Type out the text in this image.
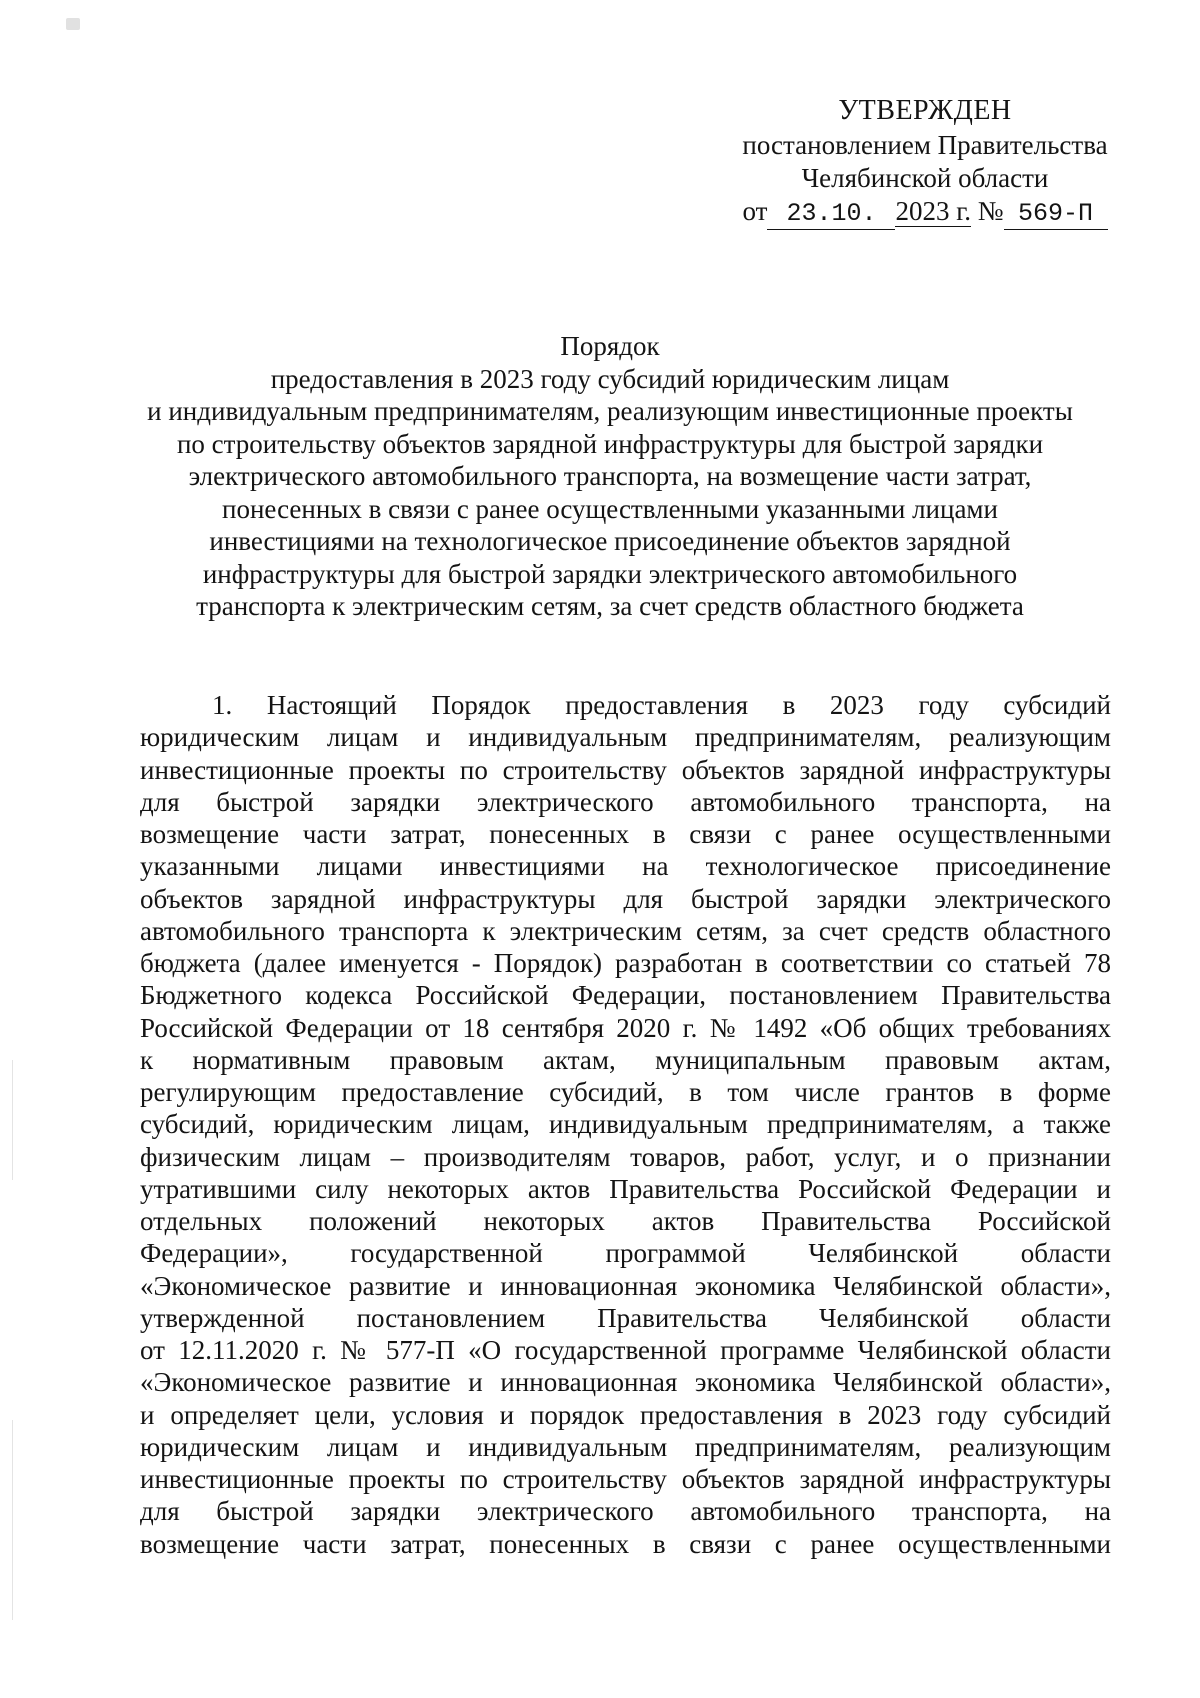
УТВЕРЖДЕН
постановлением Правительства
Челябинской области
от 23.10. 2023 г. № 569-П
Порядок
предоставления в 2023 году субсидий юридическим лицам
и индивидуальным предпринимателям, реализующим инвестиционные проекты
по строительству объектов зарядной инфраструктуры для быстрой зарядки
электрического автомобильного транспорта, на возмещение части затрат,
понесенных в связи с ранее осуществленными указанными лицами
инвестициями на технологическое присоединение объектов зарядной
инфраструктуры для быстрой зарядки электрического автомобильного
транспорта к электрическим сетям, за счет средств областного бюджета
1. Настоящий Порядок предоставления в 2023 году субсидий
юридическим лицам и индивидуальным предпринимателям, реализующим
инвестиционные проекты по строительству объектов зарядной инфраструктуры
для быстрой зарядки электрического автомобильного транспорта, на
возмещение части затрат, понесенных в связи с ранее осуществленными
указанными лицами инвестициями на технологическое присоединение
объектов зарядной инфраструктуры для быстрой зарядки электрического
автомобильного транспорта к электрическим сетям, за счет средств областного
бюджета (далее именуется - Порядок) разработан в соответствии со статьей 78
Бюджетного кодекса Российской Федерации, постановлением Правительства
Российской Федерации от 18 сентября 2020 г. № 1492 «Об общих требованиях
к нормативным правовым актам, муниципальным правовым актам,
регулирующим предоставление субсидий, в том числе грантов в форме
субсидий, юридическим лицам, индивидуальным предпринимателям, а также
физическим лицам – производителям товаров, работ, услуг, и о признании
утратившими силу некоторых актов Правительства Российской Федерации и
отдельных положений некоторых актов Правительства Российской
Федерации», государственной программой Челябинской области
«Экономическое развитие и инновационная экономика Челябинской области»,
утвержденной постановлением Правительства Челябинской области
от 12.11.2020 г. № 577-П «О государственной программе Челябинской области
«Экономическое развитие и инновационная экономика Челябинской области»,
и определяет цели, условия и порядок предоставления в 2023 году субсидий
юридическим лицам и индивидуальным предпринимателям, реализующим
инвестиционные проекты по строительству объектов зарядной инфраструктуры
для быстрой зарядки электрического автомобильного транспорта, на
возмещение части затрат, понесенных в связи с ранее осуществленными
